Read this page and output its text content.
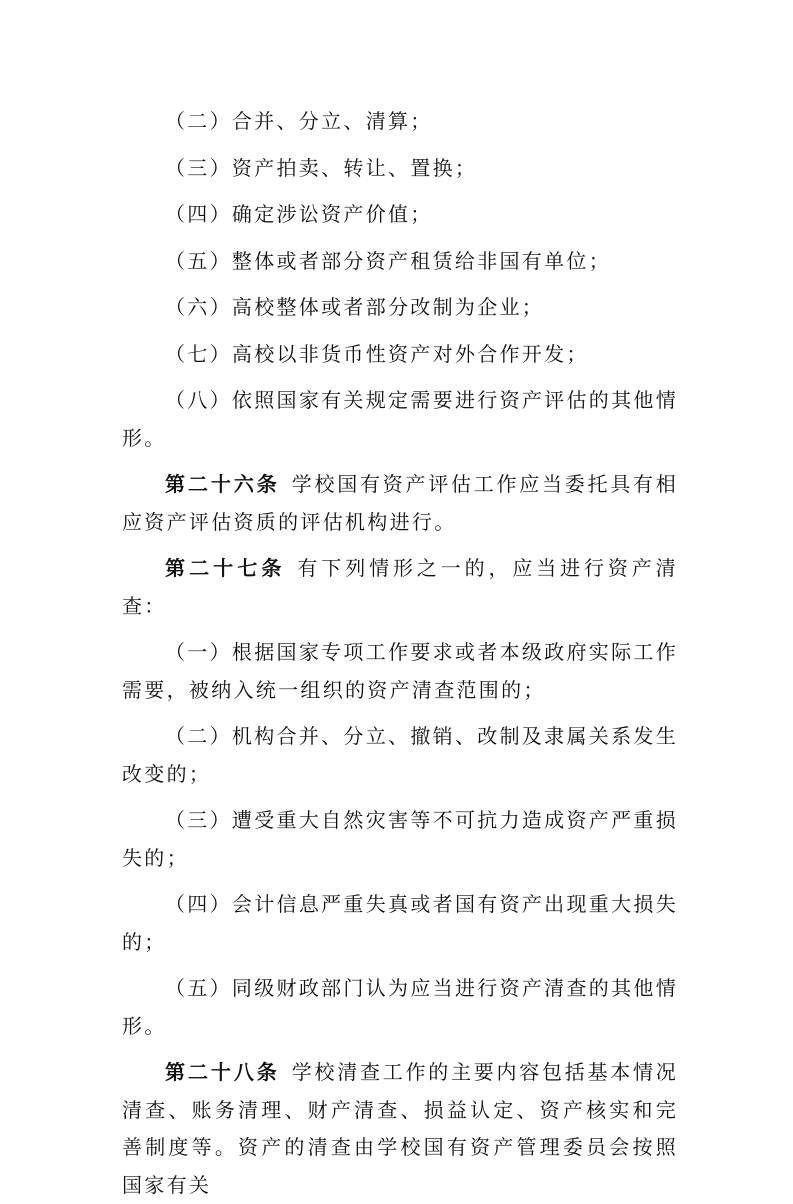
（二）合并、分立、清算；

（三）资产拍卖、转让、置换；

（四）确定涉讼资产价值；

（五）整体或者部分资产租赁给非国有单位；

（六）高校整体或者部分改制为企业；

（七）高校以非货币性资产对外合作开发；

（八）依照国家有关规定需要进行资产评估的其他情形。

第二十六条 学校国有资产评估工作应当委托具有相应资产评估资质的评估机构进行。

第二十七条 有下列情形之一的，应当进行资产清查：

（一）根据国家专项工作要求或者本级政府实际工作需要，被纳入统一组织的资产清查范围的；

（二）机构合并、分立、撤销、改制及隶属关系发生改变的；

（三）遭受重大自然灾害等不可抗力造成资产严重损失的；

（四）会计信息严重失真或者国有资产出现重大损失的；

（五）同级财政部门认为应当进行资产清查的其他情形。

第二十八条 学校清查工作的主要内容包括基本情况清查、账务清理、财产清查、损益认定、资产核实和完善制度等。资产的清查由学校国有资产管理委员会按照国家有关
